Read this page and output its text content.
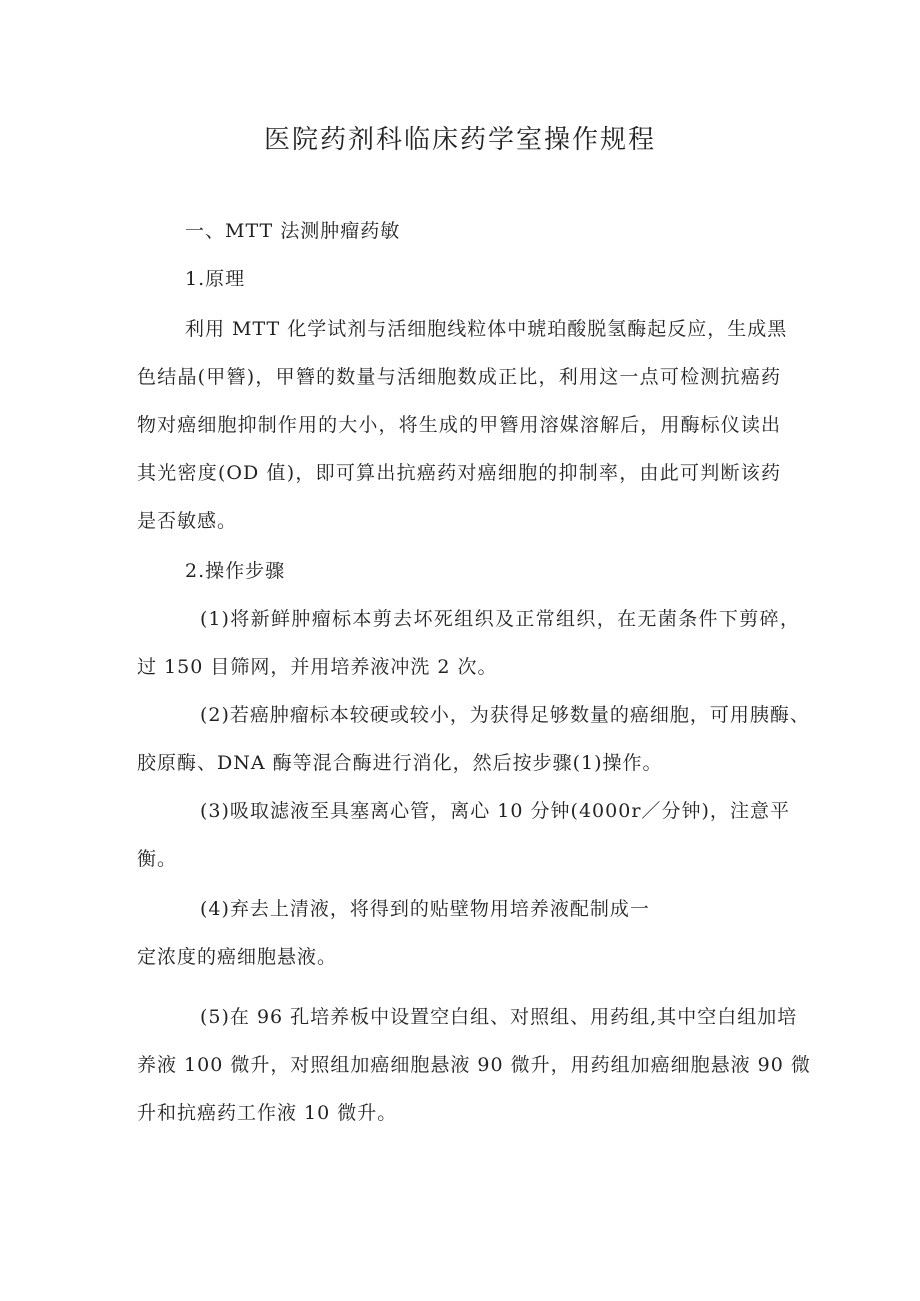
医院药剂科临床药学室操作规程
一、MTT 法测肿瘤药敏
1.原理
利用 MTT 化学试剂与活细胞线粒体中琥珀酸脱氢酶起反应，生成黑
色结晶(甲簪)，甲簪的数量与活细胞数成正比，利用这一点可检测抗癌药
物对癌细胞抑制作用的大小，将生成的甲簪用溶媒溶解后，用酶标仪读出
其光密度(OD 值)，即可算出抗癌药对癌细胞的抑制率，由此可判断该药
是否敏感。
2.操作步骤
(1)将新鲜肿瘤标本剪去坏死组织及正常组织，在无菌条件下剪碎，
过 150 目筛网，并用培养液冲洗 2 次。
(2)若癌肿瘤标本较硬或较小，为获得足够数量的癌细胞，可用胰酶、
胶原酶、DNA 酶等混合酶进行消化，然后按步骤(1)操作。
(3)吸取滤液至具塞离心管，离心 10 分钟(4000r／分钟)，注意平
衡。
(4)弃去上清液，将得到的贴壁物用培养液配制成一
定浓度的癌细胞悬液。
(5)在 96 孔培养板中设置空白组、对照组、用药组,其中空白组加培
养液 100 微升，对照组加癌细胞悬液 90 微升，用药组加癌细胞悬液 90 微
升和抗癌药工作液 10 微升。
